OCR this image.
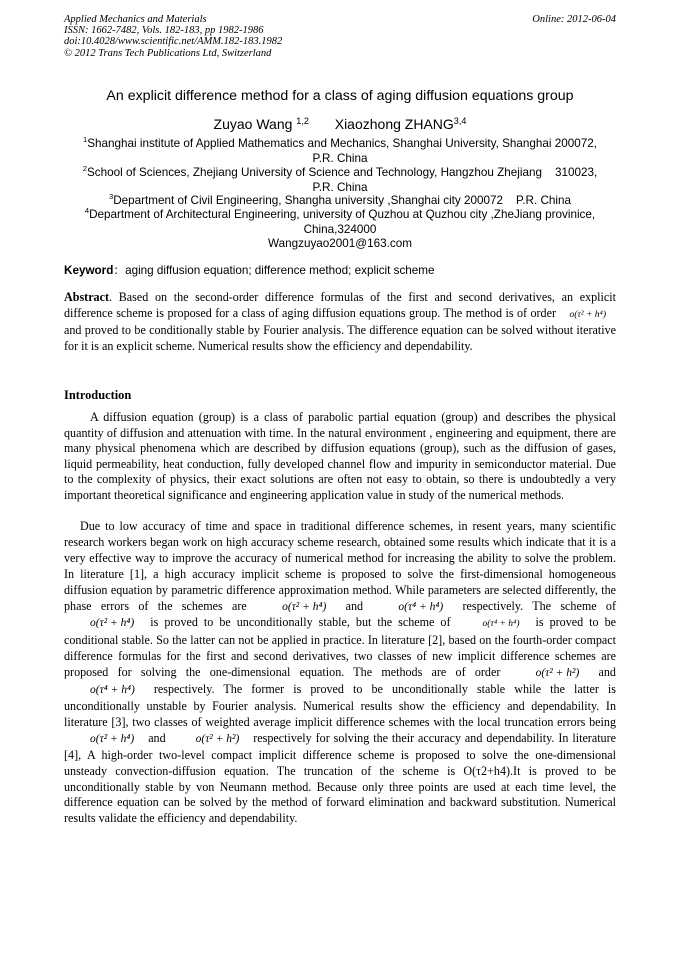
Applied Mechanics and Materials
ISSN: 1662-7482, Vols. 182-183, pp 1982-1986
doi:10.4028/www.scientific.net/AMM.182-183.1982
© 2012 Trans Tech Publications Ltd, Switzerland
Online: 2012-06-04
An explicit difference method for a class of aging diffusion equations group
Zuyao Wang $^{1,2}$ Xiaozhong ZHANG$^{3,4}$
$^1$Shanghai institute of Applied Mathematics and Mechanics, Shanghai University, Shanghai 200072,
P.R. China
$^2$School of Sciences, Zhejiang University of Science and Technology, Hangzhou Zhejiang    310023,
P.R. China
$^3$Department of Civil Engineering, Shangha university ,Shanghai city 200072    P.R. China
$^4$Department of Architectural Engineering, university of Quzhou at Quzhou city ,ZheJiang provinice,
China,324000
Wangzuyao2001@163.com
Keyword：aging diffusion equation; difference method; explicit scheme
Abstract. Based on the second-order difference formulas of the first and second derivatives, an explicit difference scheme is proposed for a class of aging diffusion equations group. The method is of order o(τ² + h⁴) and proved to be conditionally stable by Fourier analysis. The difference equation can be solved without iterative for it is an explicit scheme. Numerical results show the efficiency and dependability.
Introduction
A diffusion equation (group) is a class of parabolic partial equation (group) and describes the physical quantity of diffusion and attenuation with time. In the natural environment , engineering and equipment, there are many physical phenomena which are described by diffusion equations (group), such as the diffusion of gases, liquid permeability, heat conduction, fully developed channel flow and impurity in semiconductor material. Due to the complexity of physics, their exact solutions are often not easy to obtain, so there is undoubtedly a very important theoretical significance and engineering application value in study of the numerical methods.
Due to low accuracy of time and space in traditional difference schemes, in resent years, many scientific research workers began work on high accuracy scheme research, obtained some results which indicate that it is a very effective way to improve the accuracy of numerical method for increasing the ability to solve the problem. In literature [1], a high accuracy implicit scheme is proposed to solve the first-dimensional homogeneous diffusion equation by parametric difference approximation method. While parameters are selected differently, the phase errors of the schemes are	o(τ² + h⁴) and	o(τ⁴ + h⁴) respectively. The scheme of o(τ² + h⁴) is proved to be unconditionally stable, but the scheme of	o(τ⁴ + h⁴) is proved to be conditional stable. So the latter can not be applied in practice. In literature [2], based on the fourth-order compact difference formulas for the first and second derivatives, two classes of new implicit difference schemes are proposed for solving the one-dimensional equation. The methods are of order	o(τ² + h²) and o(τ⁴ + h⁴) respectively. The former is proved to be unconditionally stable while the latter is unconditionally unstable by Fourier analysis. Numerical results show the efficiency and dependability. In literature [3], two classes of weighted average implicit difference schemes with the local truncation errors being o(τ² + h⁴) and	o(τ² + h²) respectively for solving the their accuracy and dependability. In literature [4], A high-order two-level compact implicit difference scheme is proposed to solve the one-dimensional unsteady convection-diffusion equation. The truncation of the scheme is O(τ2+h4).It is proved to be unconditionally stable by von Neumann method. Because only three points are used at each time level, the difference equation can be solved by the method of forward elimination and backward substitution. Numerical results validate the efficiency and dependability.
